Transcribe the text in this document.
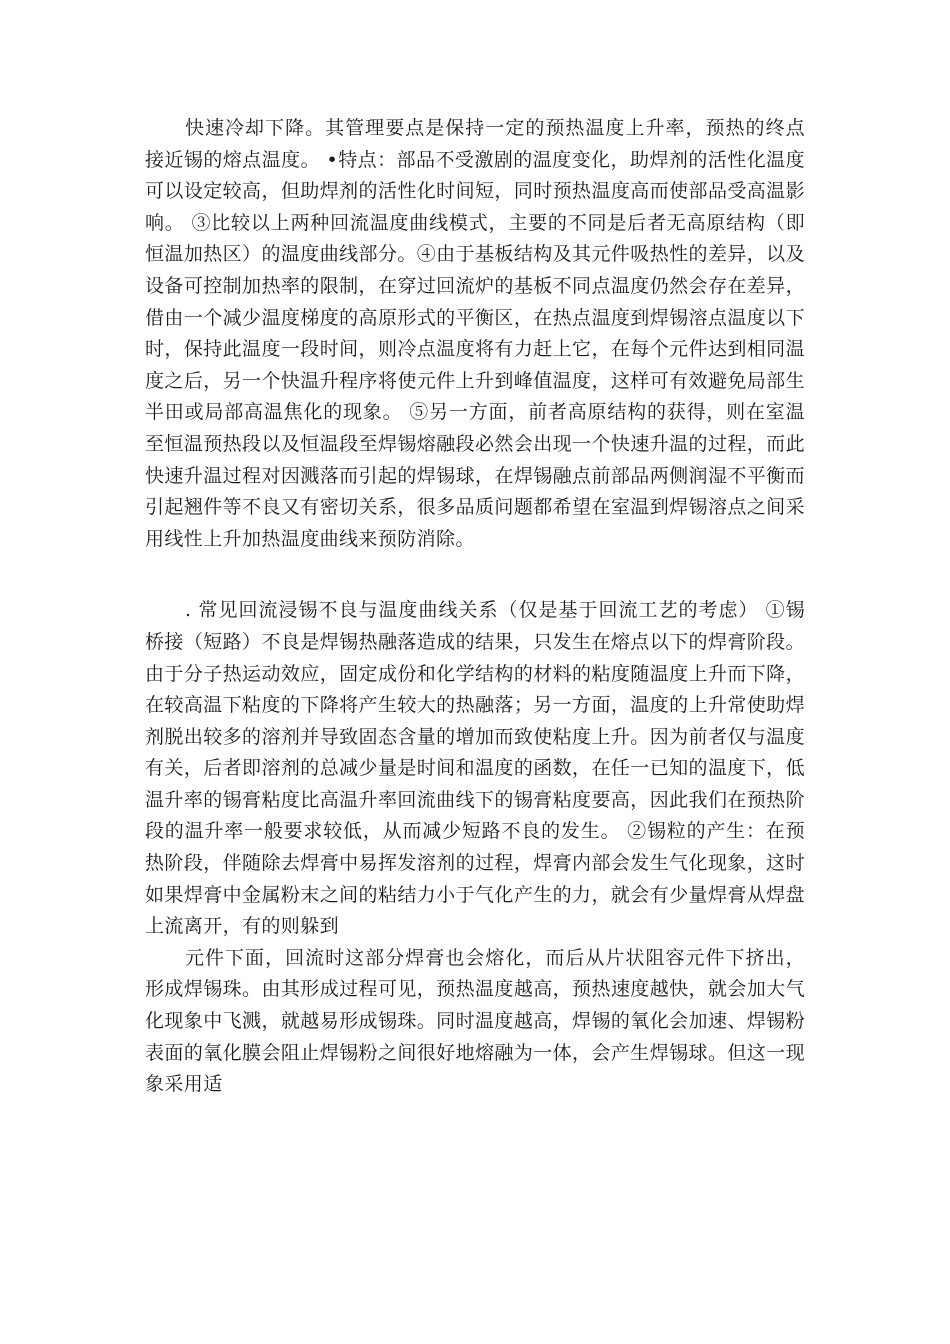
快速冷却下降。其管理要点是保持一定的预热温度上升率，预热的终点接近锡的熔点温度。 •特点：部品不受激剧的温度变化，助焊剂的活性化温度可以设定较高，但助焊剂的活性化时间短，同时预热温度高而使部品受高温影响。 ③比较以上两种回流温度曲线模式，主要的不同是后者无高原结构（即恒温加热区）的温度曲线部分。④由于基板结构及其元件吸热性的差异，以及设备可控制加热率的限制，在穿过回流炉的基板不同点温度仍然会存在差异，借由一个减少温度梯度的高原形式的平衡区，在热点温度到焊锡溶点温度以下时，保持此温度一段时间，则冷点温度将有力赶上它，在每个元件达到相同温度之后，另一个快温升程序将使元件上升到峰值温度，这样可有效避免局部生半田或局部高温焦化的现象。 ⑤另一方面，前者高原结构的获得，则在室温至恒温预热段以及恒温段至焊锡熔融段必然会出现一个快速升温的过程，而此快速升温过程对因溅落而引起的焊锡球，在焊锡融点前部品两侧润湿不平衡而引起翘件等不良又有密切关系，很多品质问题都希望在室温到焊锡溶点之间采用线性上升加热温度曲线来预防消除。

. 常见回流浸锡不良与温度曲线关系（仅是基于回流工艺的考虑） ①锡桥接（短路）不良是焊锡热融落造成的结果，只发生在熔点以下的焊膏阶段。由于分子热运动效应，固定成份和化学结构的材料的粘度随温度上升而下降，在较高温下粘度的下降将产生较大的热融落；另一方面，温度的上升常使助焊剂脱出较多的溶剂并导致固态含量的增加而致使粘度上升。因为前者仅与温度有关，后者即溶剂的总减少量是时间和温度的函数，在任一已知的温度下，低温升率的锡膏粘度比高温升率回流曲线下的锡膏粘度要高，因此我们在预热阶段的温升率一般要求较低，从而减少短路不良的发生。 ②锡粒的产生：在预热阶段，伴随除去焊膏中易挥发溶剂的过程，焊膏内部会发生气化现象，这时如果焊膏中金属粉末之间的粘结力小于气化产生的力，就会有少量焊膏从焊盘上流离开，有的则躲到

元件下面，回流时这部分焊膏也会熔化，而后从片状阻容元件下挤出，形成焊锡珠。由其形成过程可见，预热温度越高，预热速度越快，就会加大气化现象中飞溅，就越易形成锡珠。同时温度越高，焊锡的氧化会加速、焊锡粉表面的氧化膜会阻止焊锡粉之间很好地熔融为一体，会产生焊锡球。但这一现象采用适
